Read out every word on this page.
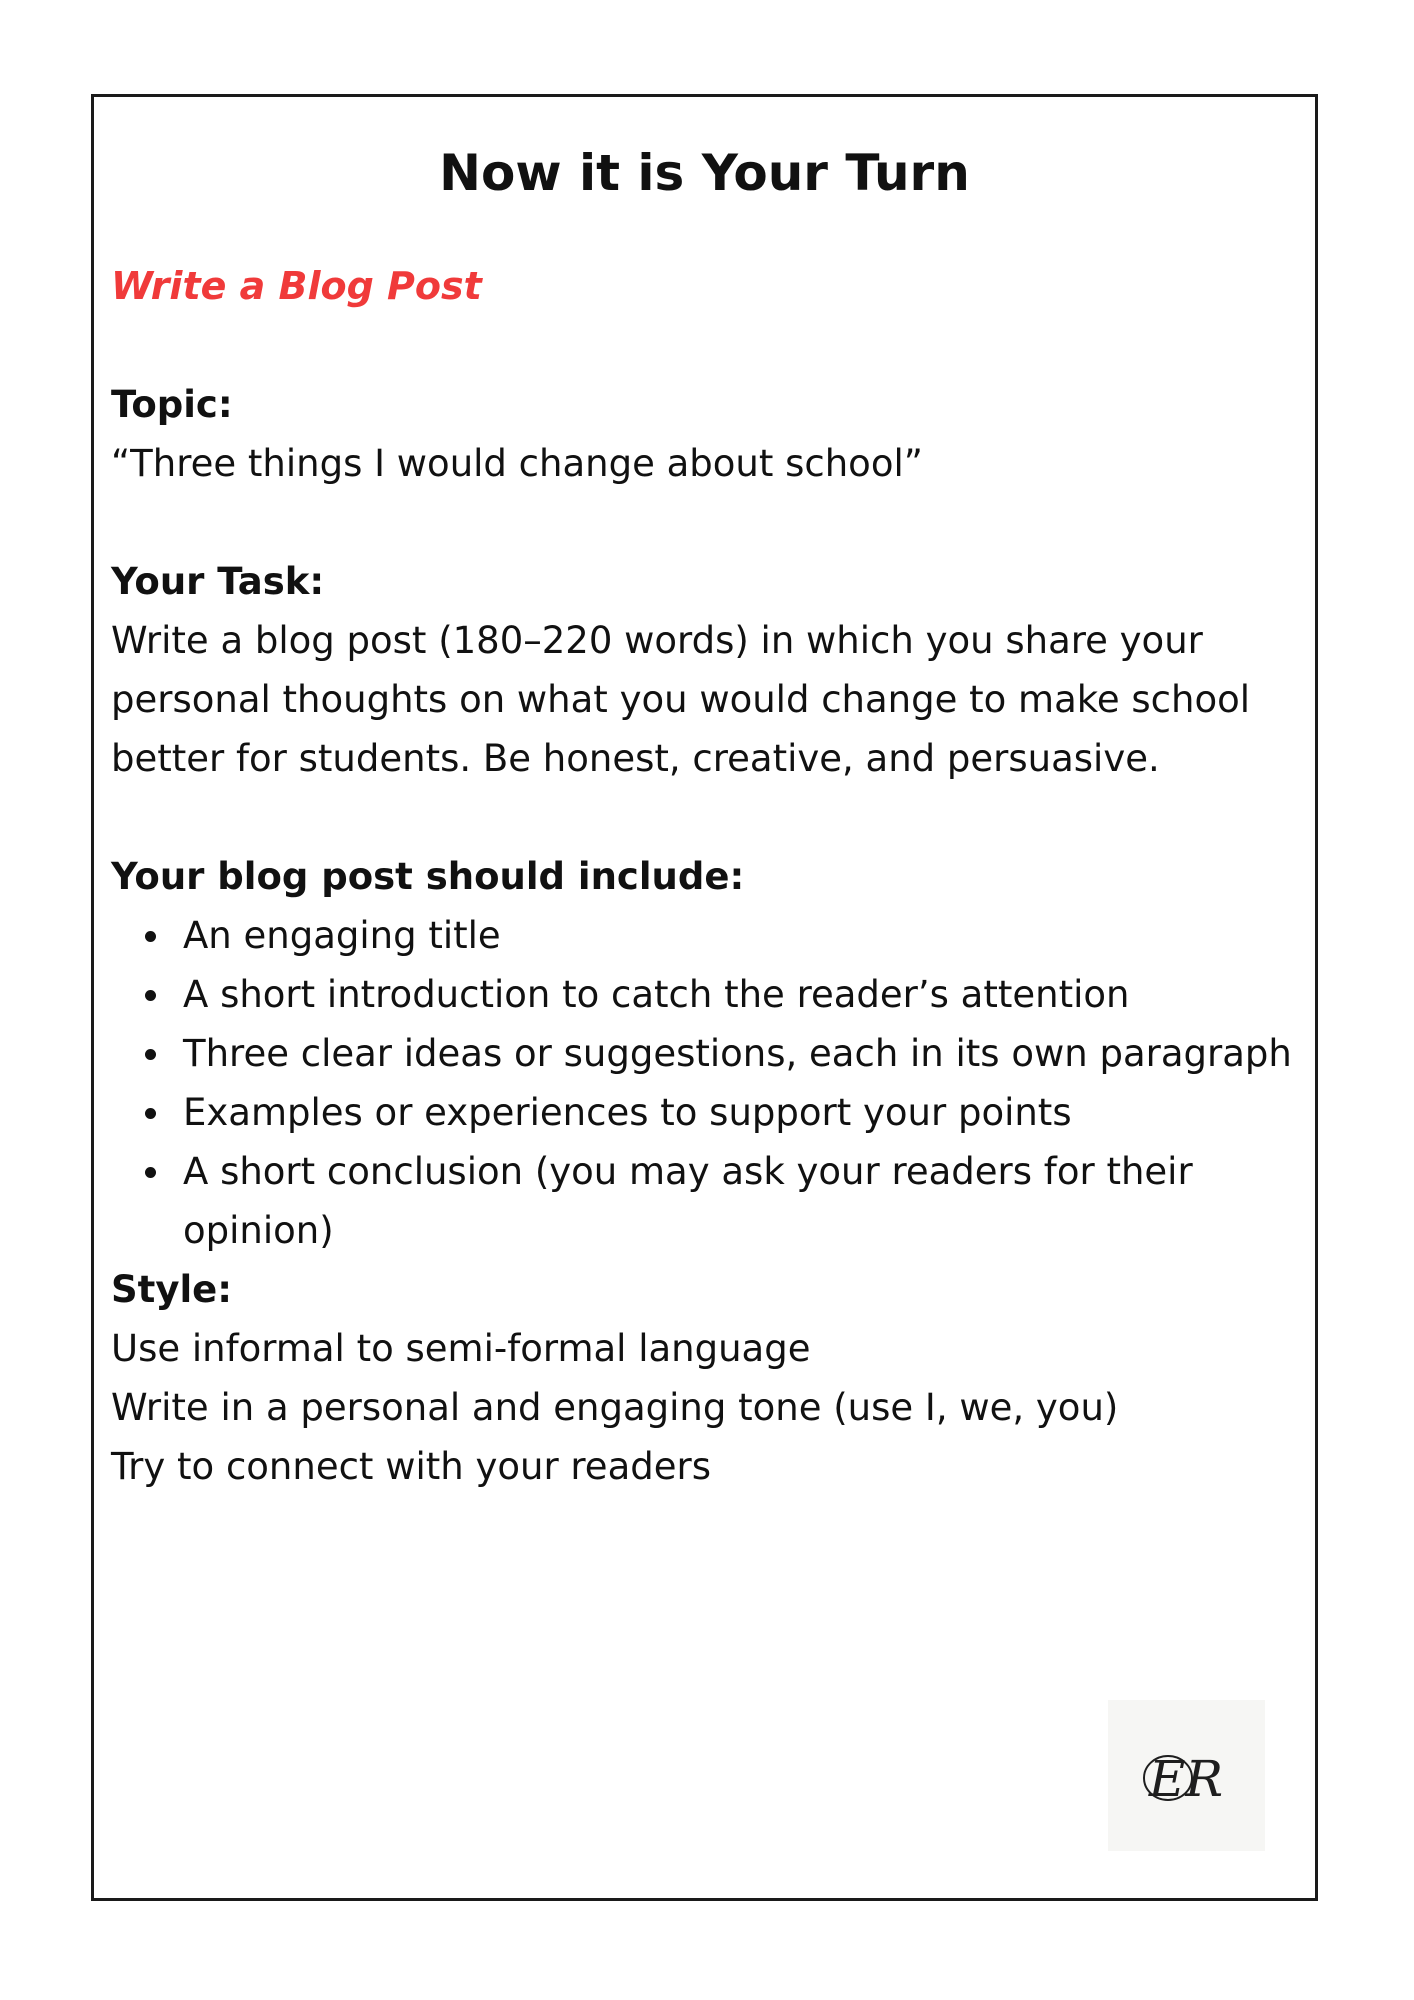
Now it is Your Turn
Write a Blog Post
Topic:
“Three things I would change about school”
Your Task:
Write a blog post (180–220 words) in which you share your personal thoughts on what you would change to make school better for students. Be honest, creative, and persuasive.
Your blog post should include:
An engaging title
A short introduction to catch the reader’s attention
Three clear ideas or suggestions, each in its own paragraph
Examples or experiences to support your points
A short conclusion (you may ask your readers for their opinion)
Style:
Use informal to semi-formal language
Write in a personal and engaging tone (use I, we, you)
Try to connect with your readers
ER
